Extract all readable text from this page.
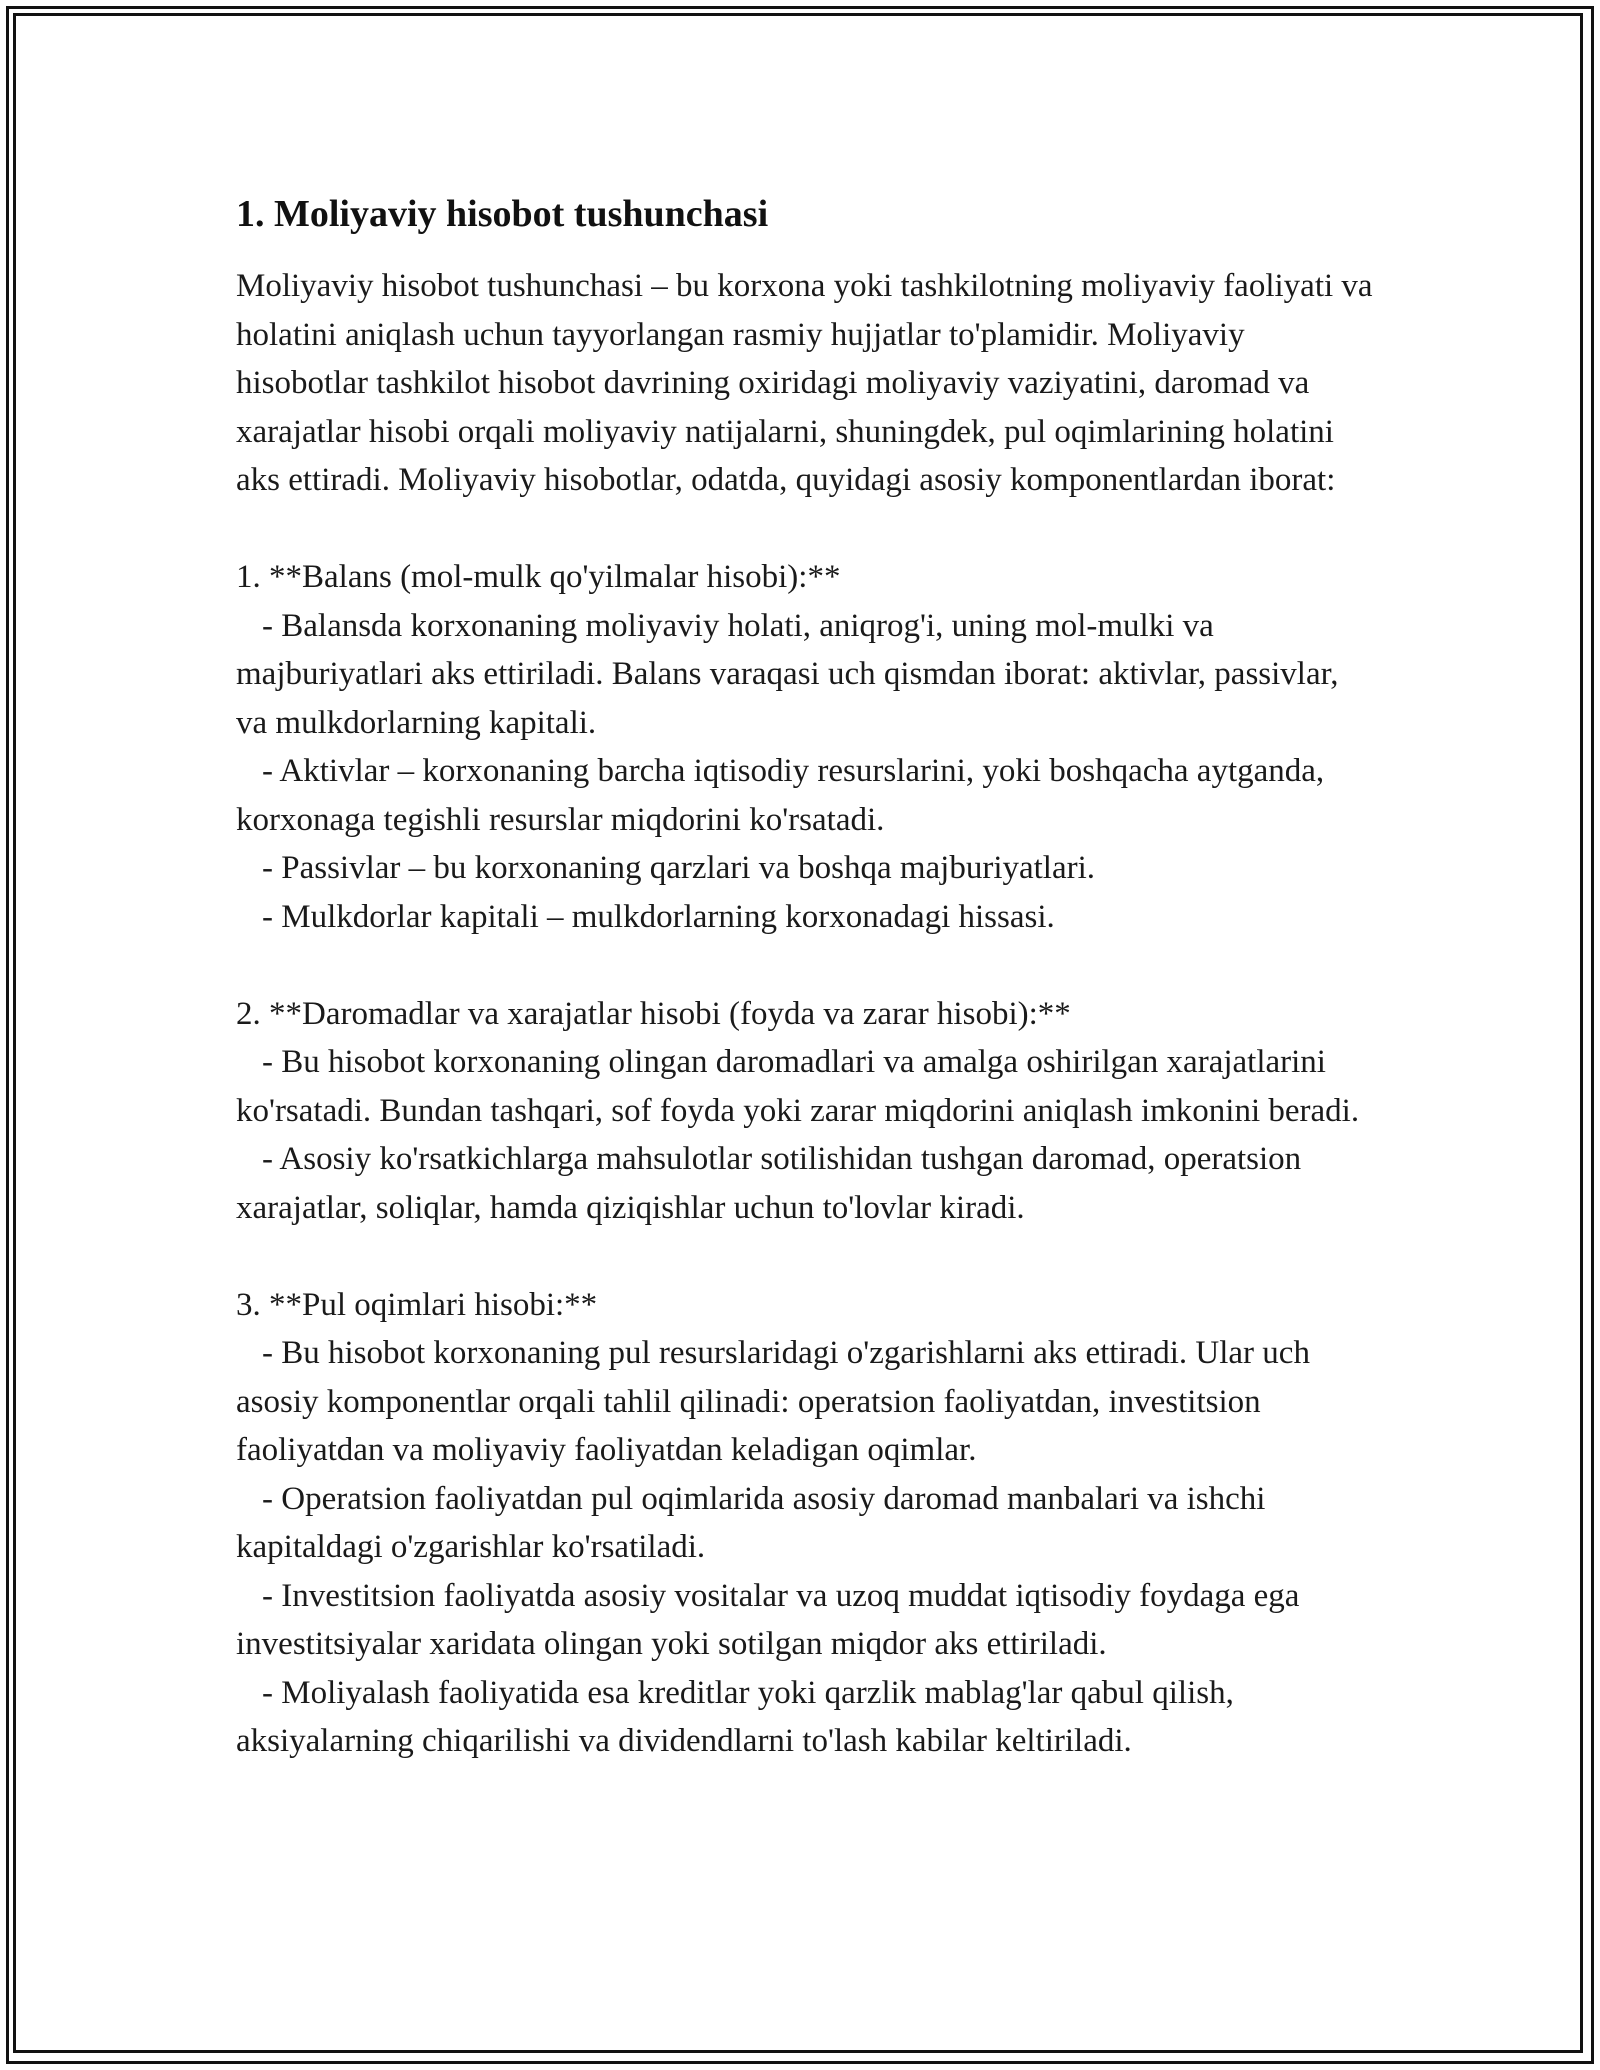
1. Moliyaviy hisobot tushunchasi

Moliyaviy hisobot tushunchasi – bu korxona yoki tashkilotning moliyaviy faoliyati va holatini aniqlash uchun tayyorlangan rasmiy hujjatlar to'plamidir. Moliyaviy hisobotlar tashkilot hisobot davrining oxiridagi moliyaviy vaziyatini, daromad va xarajatlar hisobi orqali moliyaviy natijalarni, shuningdek, pul oqimlarining holatini aks ettiradi. Moliyaviy hisobotlar, odatda, quyidagi asosiy komponentlardan iborat:

1. **Balans (mol-mulk qo'yilmalar hisobi):**

- Balansda korxonaning moliyaviy holati, aniqrog'i, uning mol-mulki va majburiyatlari aks ettiriladi. Balans varaqasi uch qismdan iborat: aktivlar, passivlar, va mulkdorlarning kapitali.

- Aktivlar – korxonaning barcha iqtisodiy resurslarini, yoki boshqacha aytganda, korxonaga tegishli resurslar miqdorini ko'rsatadi.

- Passivlar – bu korxonaning qarzlari va boshqa majburiyatlari.

- Mulkdorlar kapitali – mulkdorlarning korxonadagi hissasi.

2. **Daromadlar va xarajatlar hisobi (foyda va zarar hisobi):**

- Bu hisobot korxonaning olingan daromadlari va amalga oshirilgan xarajatlarini ko'rsatadi. Bundan tashqari, sof foyda yoki zarar miqdorini aniqlash imkonini beradi.

- Asosiy ko'rsatkichlarga mahsulotlar sotilishidan tushgan daromad, operatsion xarajatlar, soliqlar, hamda qiziqishlar uchun to'lovlar kiradi.

3. **Pul oqimlari hisobi:**

- Bu hisobot korxonaning pul resurslaridagi o'zgarishlarni aks ettiradi. Ular uch asosiy komponentlar orqali tahlil qilinadi: operatsion faoliyatdan, investitsion faoliyatdan va moliyaviy faoliyatdan keladigan oqimlar.

- Operatsion faoliyatdan pul oqimlarida asosiy daromad manbalari va ishchi kapitaldagi o'zgarishlar ko'rsatiladi.

- Investitsion faoliyatda asosiy vositalar va uzoq muddat iqtisodiy foydaga ega investitsiyalar xaridata olingan yoki sotilgan miqdor aks ettiriladi.

- Moliyalash faoliyatida esa kreditlar yoki qarzlik mablag'lar qabul qilish, aksiyalarning chiqarilishi va dividendlarni to'lash kabilar keltiriladi.
